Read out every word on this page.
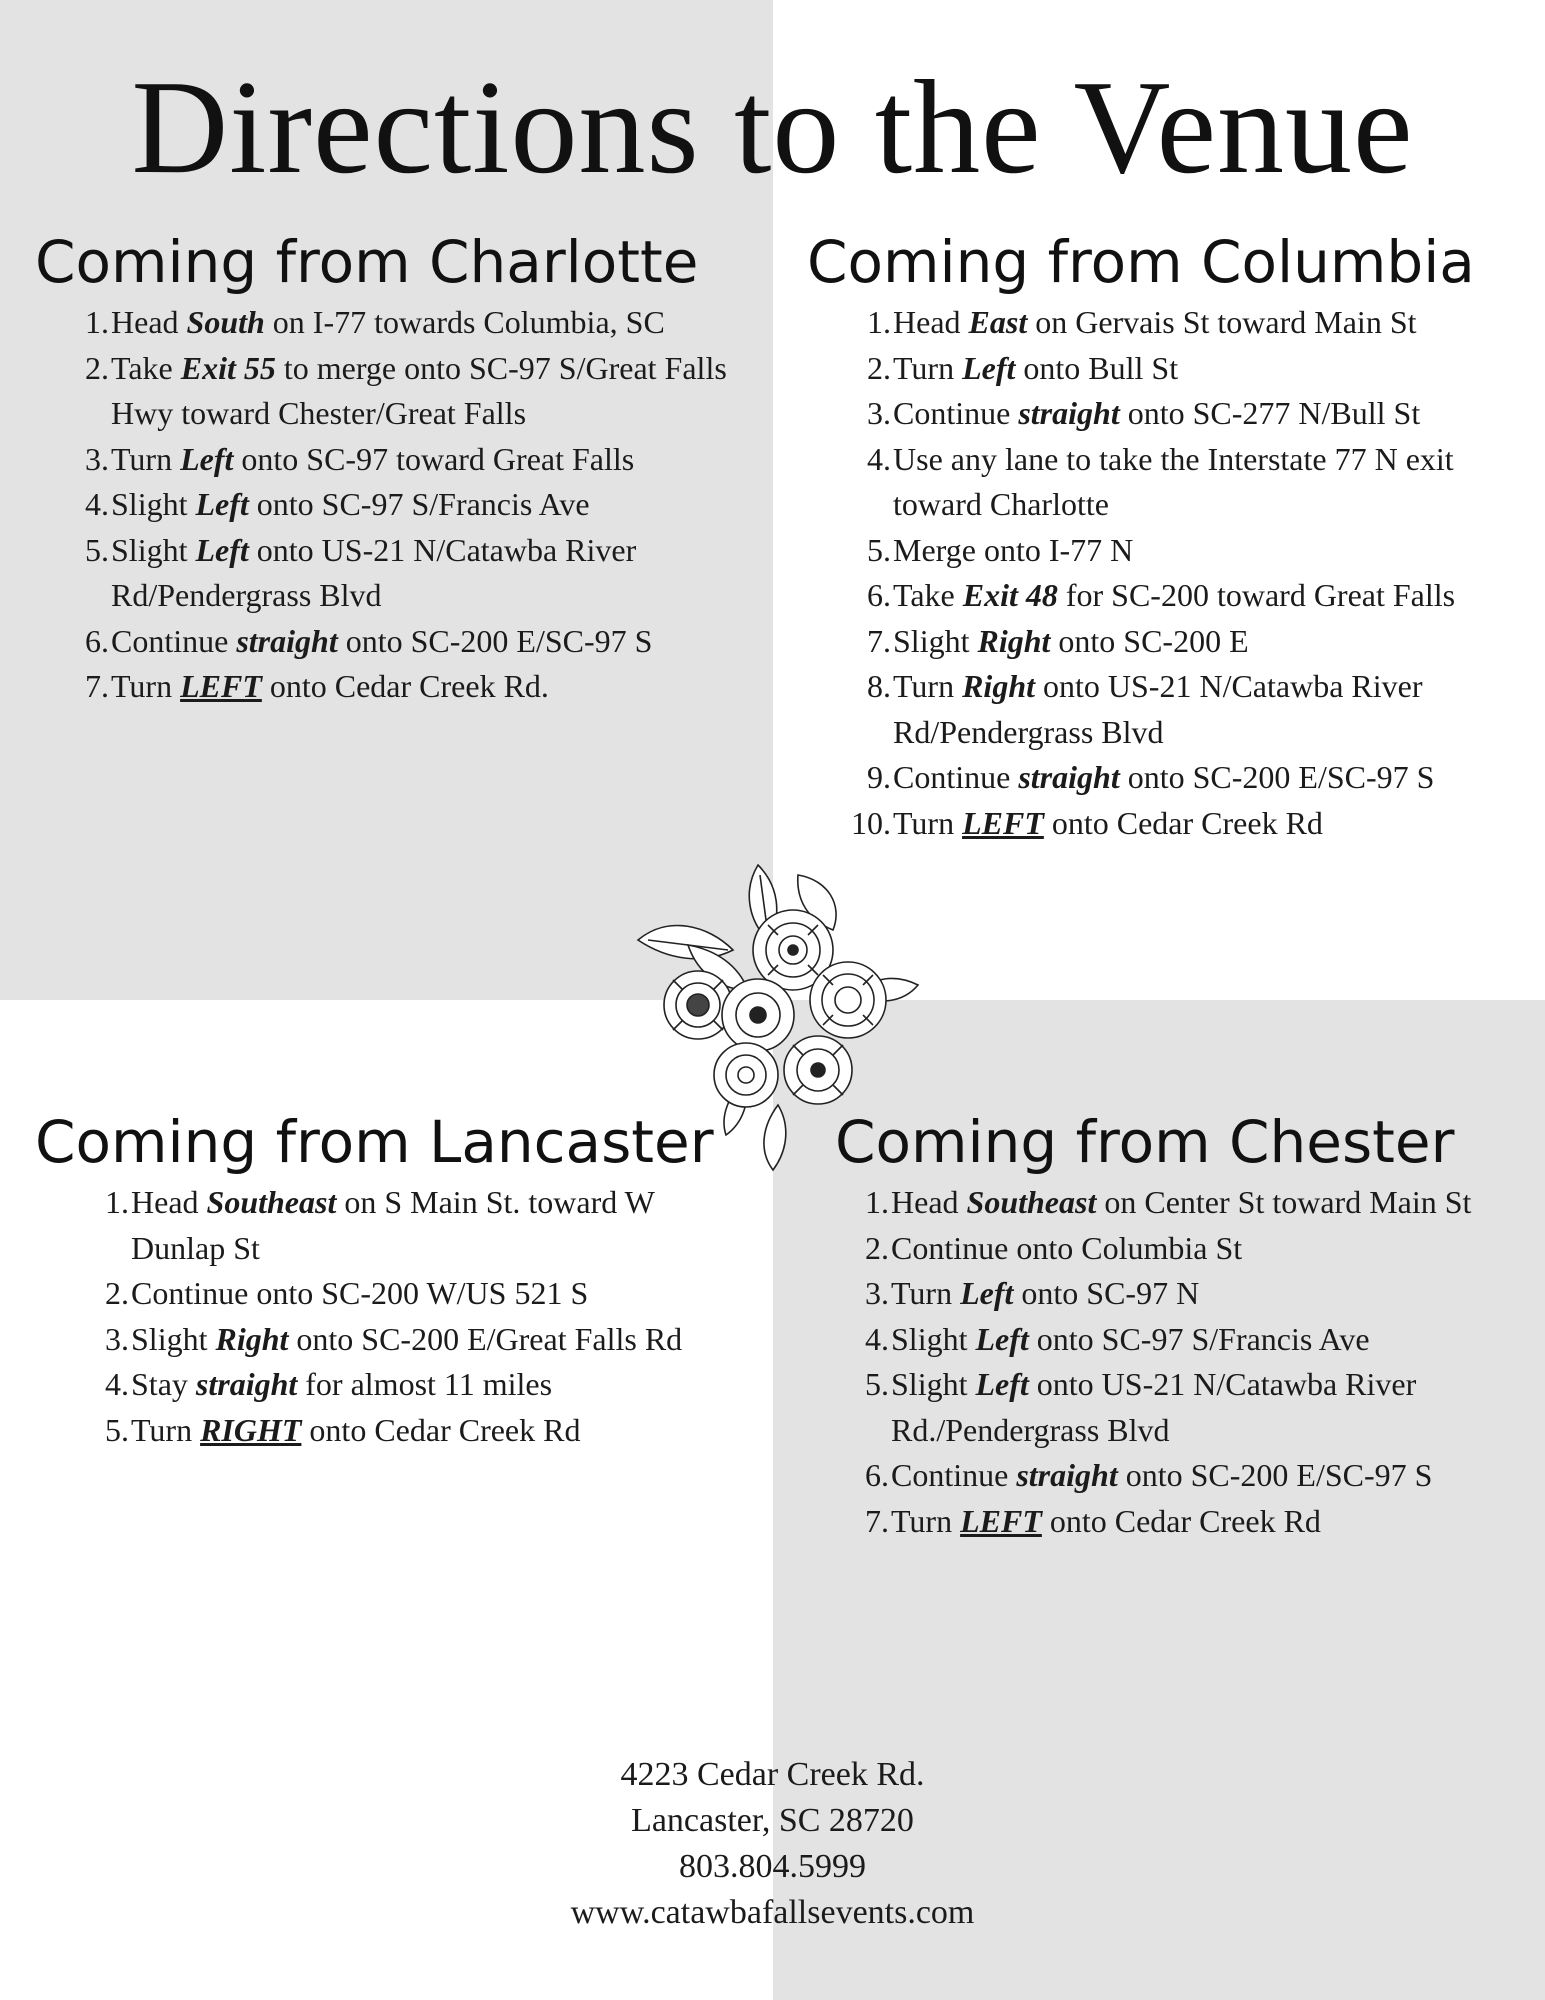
Directions to the Venue
Coming from Charlotte
1. Head South on I-77 towards Columbia, SC
2. Take Exit 55 to merge onto SC-97 S/Great Falls Hwy toward Chester/Great Falls
3. Turn Left onto SC-97 toward Great Falls
4. Slight Left onto SC-97 S/Francis Ave
5. Slight Left onto US-21 N/Catawba River Rd/Pendergrass Blvd
6. Continue straight onto SC-200 E/SC-97 S
7. Turn LEFT onto Cedar Creek Rd.
Coming from Columbia
1. Head East on Gervais St toward Main St
2. Turn Left onto Bull St
3. Continue straight onto SC-277 N/Bull St
4. Use any lane to take the Interstate 77 N exit toward Charlotte
5. Merge onto I-77 N
6. Take Exit 48 for SC-200 toward Great Falls
7. Slight Right onto SC-200 E
8. Turn Right onto US-21 N/Catawba River Rd/Pendergrass Blvd
9. Continue straight onto SC-200 E/SC-97 S
10. Turn LEFT onto Cedar Creek Rd
Coming from Lancaster
1. Head Southeast on S Main St. toward W Dunlap St
2. Continue onto SC-200 W/US 521 S
3. Slight Right onto SC-200 E/Great Falls Rd
4. Stay straight for almost 11 miles
5. Turn RIGHT onto Cedar Creek Rd
Coming from Chester
1. Head Southeast on Center St toward Main St
2. Continue onto Columbia St
3. Turn Left onto SC-97 N
4. Slight Left onto SC-97 S/Francis Ave
5. Slight Left onto US-21 N/Catawba River Rd./Pendergrass Blvd
6. Continue straight onto SC-200 E/SC-97 S
7. Turn LEFT onto Cedar Creek Rd
4223 Cedar Creek Rd.
Lancaster, SC 28720
803.804.5999
www.catawbafallsevents.com
